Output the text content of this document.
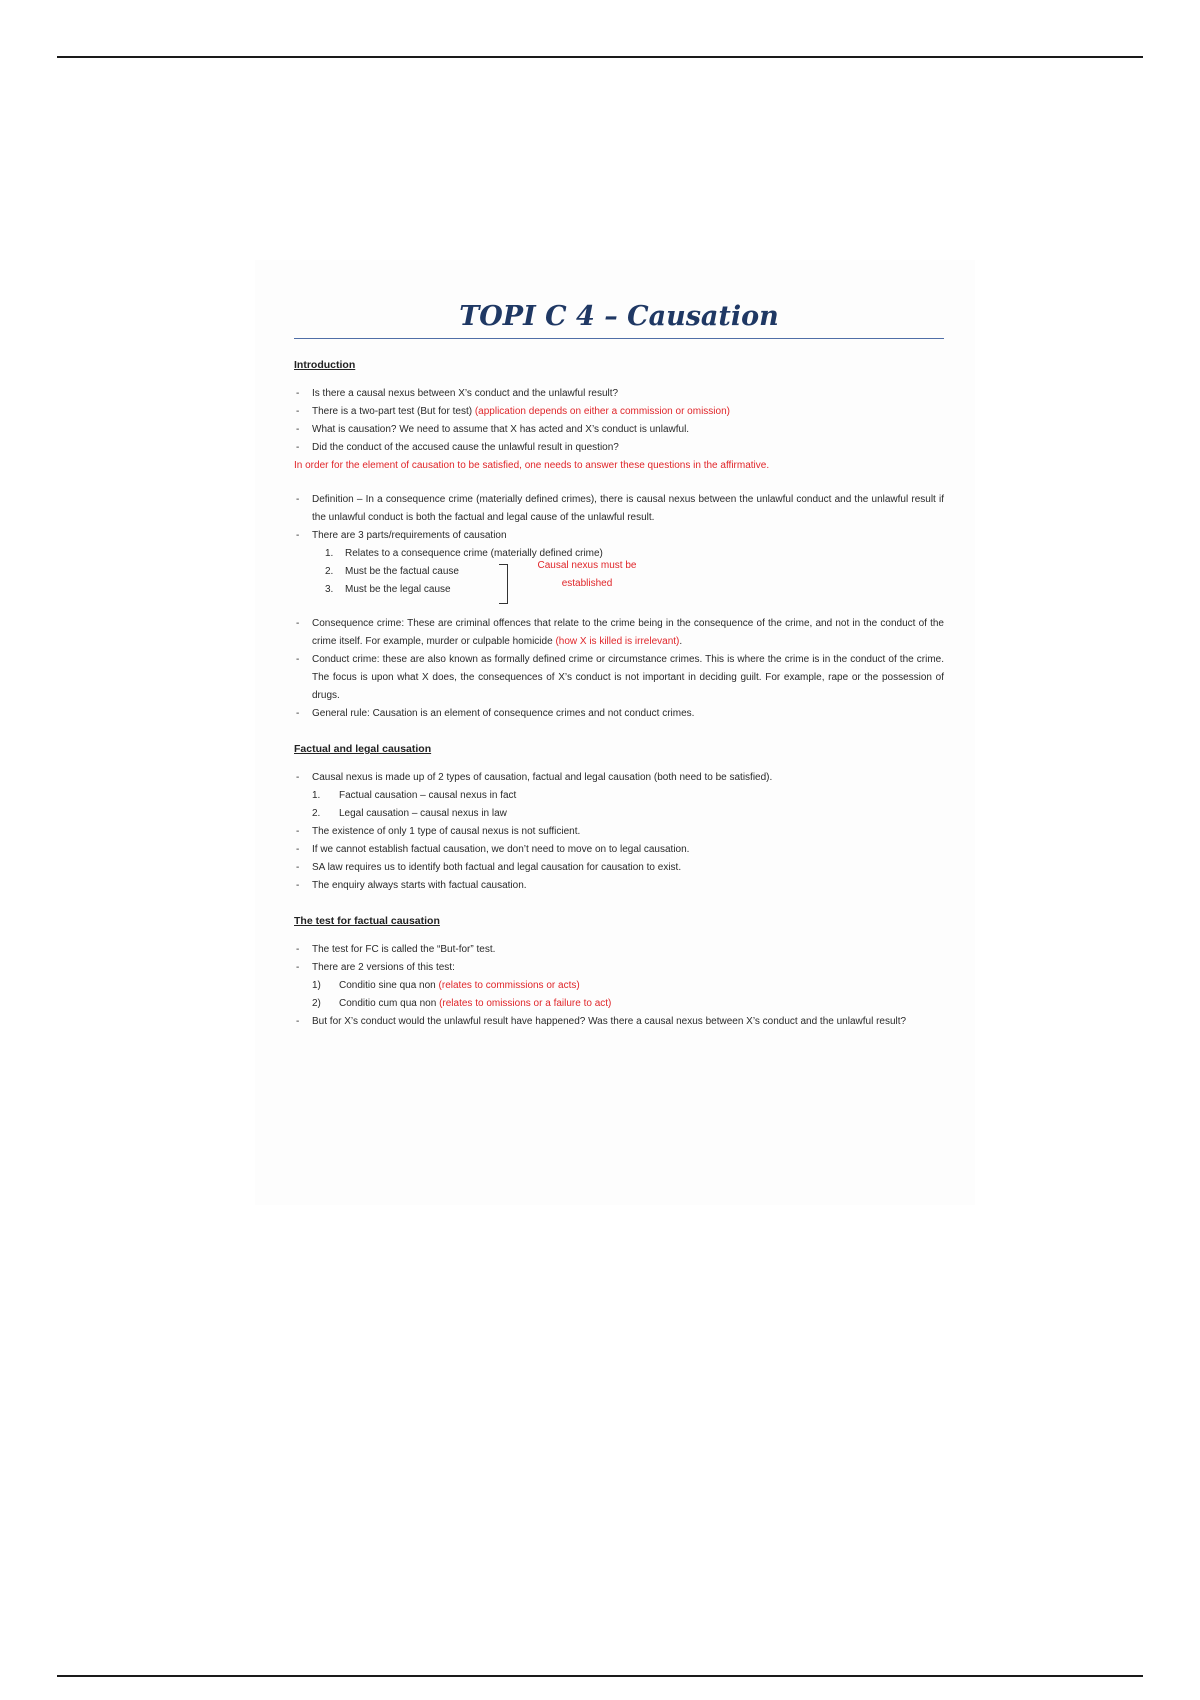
TOPI C 4 – Causation
Introduction
- Is there a causal nexus between X’s conduct and the unlawful result?
- There is a two-part test (But for test) (application depends on either a commission or omission)
- What is causation? We need to assume that X has acted and X’s conduct is unlawful.
- Did the conduct of the accused cause the unlawful result in question?
In order for the element of causation to be satisfied, one needs to answer these questions in the affirmative.
- Definition – In a consequence crime (materially defined crimes), there is causal nexus between the unlawful conduct and the unlawful result if the unlawful conduct is both the factual and legal cause of the unlawful result.
- There are 3 parts/requirements of causation
1. Relates to a consequence crime (materially defined crime)
2. Must be the factual cause
3. Must be the legal cause
Causal nexus must be established
- Consequence crime: These are criminal offences that relate to the crime being in the consequence of the crime, and not in the conduct of the crime itself. For example, murder or culpable homicide (how X is killed is irrelevant).
- Conduct crime: these are also known as formally defined crime or circumstance crimes. This is where the crime is in the conduct of the crime. The focus is upon what X does, the consequences of X’s conduct is not important in deciding guilt. For example, rape or the possession of drugs.
- General rule: Causation is an element of consequence crimes and not conduct crimes.
Factual and legal causation
- Causal nexus is made up of 2 types of causation, factual and legal causation (both need to be satisfied).
1. Factual causation – causal nexus in fact
2. Legal causation – causal nexus in law
- The existence of only 1 type of causal nexus is not sufficient.
- If we cannot establish factual causation, we don’t need to move on to legal causation.
- SA law requires us to identify both factual and legal causation for causation to exist.
- The enquiry always starts with factual causation.
The test for factual causation
- The test for FC is called the “But-for” test.
- There are 2 versions of this test:
1) Conditio sine qua non (relates to commissions or acts)
2) Conditio cum qua non (relates to omissions or a failure to act)
- But for X’s conduct would the unlawful result have happened? Was there a causal nexus between X’s conduct and the unlawful result?
